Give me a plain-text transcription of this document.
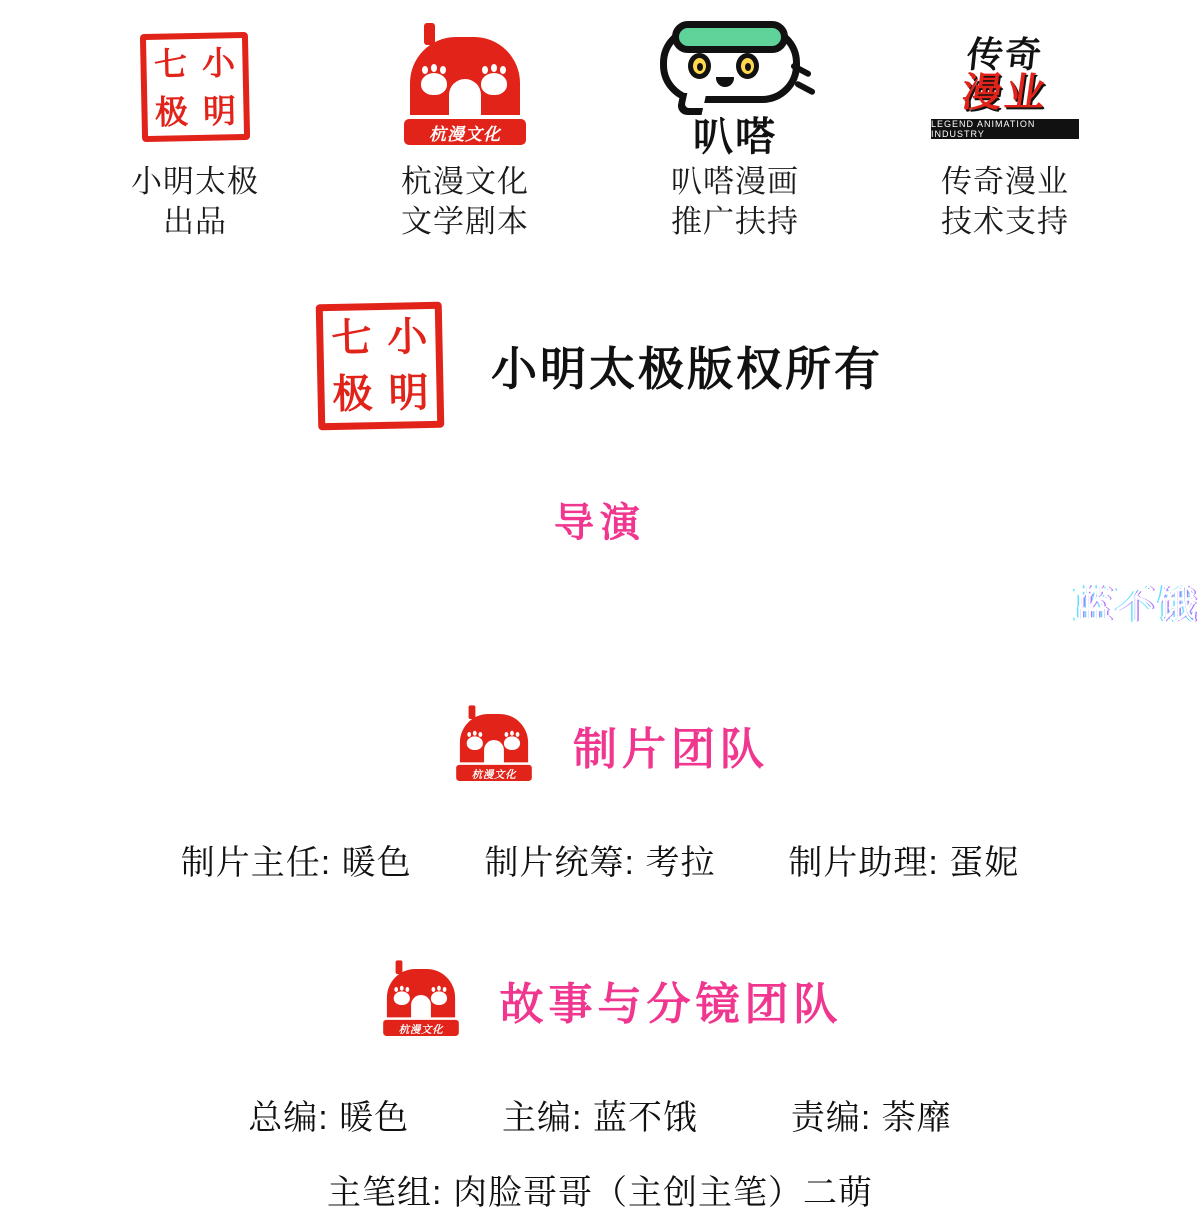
七 小
极 明
小明太极
出品
杭漫文化
杭漫文化
文学剧本
叭嗒
叭嗒漫画
推广扶持
传奇
漫业
LEGEND ANIMATION INDUSTRY
传奇漫业
技术支持
七 小
极 明 小明太极版权所有
导演
蓝不饿
杭漫文化
制片团队
制片主任: 暖色 制片统筹: 考拉 制片助理: 蛋妮
杭漫文化
故事与分镜团队
总编: 暖色	主编: 蓝不饿	责编: 荼靡
主笔组: 肉脸哥哥（主创主笔）二萌
